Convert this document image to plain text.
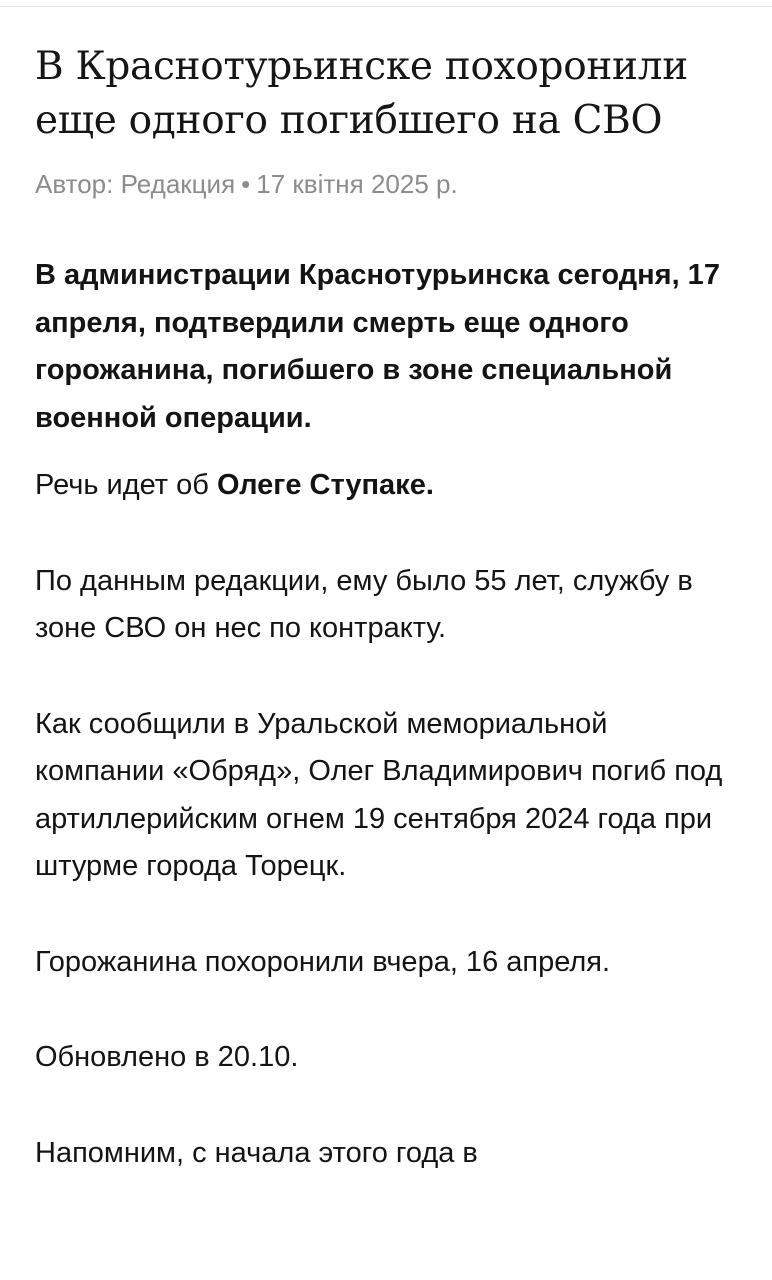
В Краснотурьинске похоронили еще одного погибшего на СВО
Автор: Редакция • 17 квітня 2025 р.

В администрации Краснотурьинска сегодня, 17 апреля, подтвердили смерть еще одного горожанина, погибшего в зоне специальной военной операции.

Речь идет об Олеге Ступаке.

По данным редакции, ему было 55 лет, службу в зоне СВО он нес по контракту.

Как сообщили в Уральской мемориальной компании «Обряд», Олег Владимирович погиб под артиллерийским огнем 19 сентября 2024 года при штурме города Торецк.

Горожанина похоронили вчера, 16 апреля.

Обновлено в 20.10.

Напомним, с начала этого года в
